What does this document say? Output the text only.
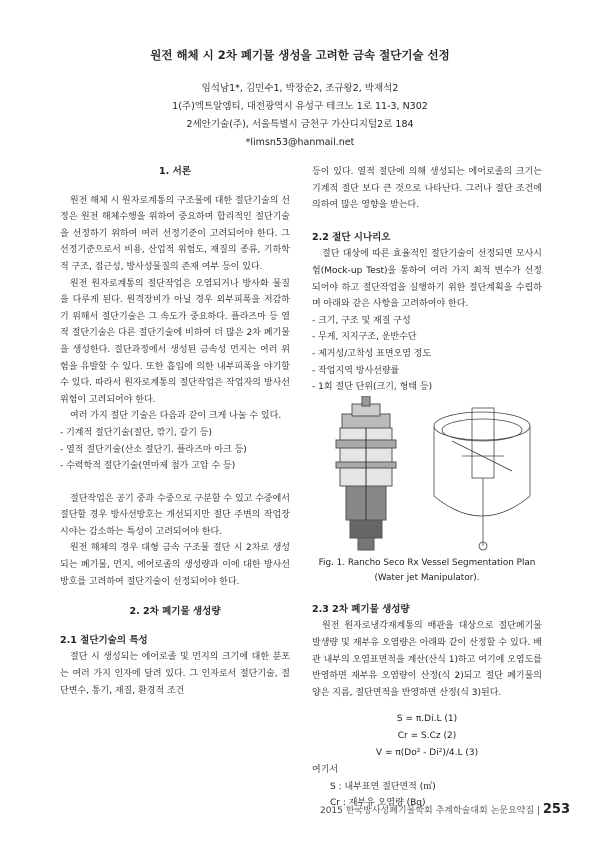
원전 해체 시 2차 폐기물 생성을 고려한 금속 절단기술 선정
임석남1*, 김민수1, 박장순2, 조규왕2, 박재석2
1(주)엑트알엠티, 대전광역시 유성구 테크노 1로 11-3, N302
2세안기술(주), 서울특별시 금천구 가산디지털2로 184
*limsn53@hanmail.net
1. 서론

원전 해체 시 원자로계통의 구조물에 대한 절단기술의 선정은 원전 해체수행을 위하여 중요하며 합리적인 절단기술을 선정하기 위하여 여러 선정기준이 고려되어야 한다. 그 선정기준으로서 비용, 산업적 위험도, 재질의 종류, 기하학적 구조, 접근성, 방사성물질의 존재 여부 등이 있다.

원전 원자로계통의 절단작업은 오염되거나 방사화 물질을 다루게 된다. 원격장비가 아닐 경우 외부피폭을 저감하기 위해서 절단기술은 그 속도가 중요하다. 플라즈마 등 열적 절단기술은 다른 절단기술에 비하여 더 많은 2차 폐기물을 생성한다. 절단과정에서 생성된 금속성 먼지는 여러 위험을 유발할 수 있다. 또한 흡입에 의한 내부피폭을 야기할 수 있다. 따라서 원자로계통의 절단작업은 작업자의 방사선위험이 고려되어야 한다.

여러 가지 절단 기술은 다음과 같이 크게 나눌 수 있다.

- 기계적 절단기술(절단, 깎기, 갈기 등)
- 열적 절단기술(산소 절단기. 플라즈마 아크 등)
- 수력학적 절단기술(연마제 첨가 고압 수 등)

절단작업은 공기 중과 수중으로 구분할 수 있고 수중에서 절단할 경우 방사선방호는 개선되지만 절단 주변의 작업장 시야는 감소하는 특성이 고려되어야 한다.

원전 해체의 경우 대형 금속 구조물 절단 시 2차로 생성되는 폐기물, 먼지, 에어로졸의 생성량과 이에 대한 방사선방호를 고려하여 절단기술이 선정되어야 한다.

2. 2차 폐기물 생성량
2.1 절단기술의 특성

절단 시 생성되는 에어로졸 및 먼지의 크기에 대한 분포는 여러 가지 인자에 달려 있다. 그 인자로서 절단기술, 절단변수, 통기, 재질, 환경적 조건

등이 있다. 열적 절단에 의해 생성되는 에어로졸의 크기는 기계적 절단 보다 큰 것으로 나타난다. 그러나 절단 조건에 의하여 많은 영향을 받는다.

2.2 절단 시나리오

절단 대상에 따른 효율적인 절단기술이 선정되면 모사시험(Mock-up Test)을 통하여 여러 가지 최적 변수가 선정되어야 하고 절단작업을 실행하기 위한 절단계획을 수립하며 아래와 같은 사항을 고려하여야 한다.

- 크기, 구조 및 재질 구성
- 무게, 지지구조, 운반수단
- 제거성/고착성 표면오염 정도
- 작업지역 방사선량률
- 1회 절단 단위(크기, 형태 등)
Fig. 1. Rancho Seco Rx Vessel Segmentation Plan
(Water jet Manipulator).
2.3 2차 폐기물 생성량

원전 원자로냉각재계통의 배관을 대상으로 절단폐기물 발생량 및 재부유 오염량은 아래와 같이 산정할 수 있다. 배관 내부의 오염표면적을 계산(산식 1)하고 여기에 오염도를 반영하면 재부유 오염량이 산정(식 2)되고 절단 폐기물의 양은 지름, 절단면적을 반영하면 산정(식 3)된다.

S = π.Di.L (1)
Cr = S.Cz (2)
V = π(Do² - Di²)/4.L (3)
여기서
S : 내부표면 절단면적 (㎡)
Cr : 재부유 오염량 (Bq)
2015 한국방사성폐기물학회 추계학술대회 논문요약집 | 253
